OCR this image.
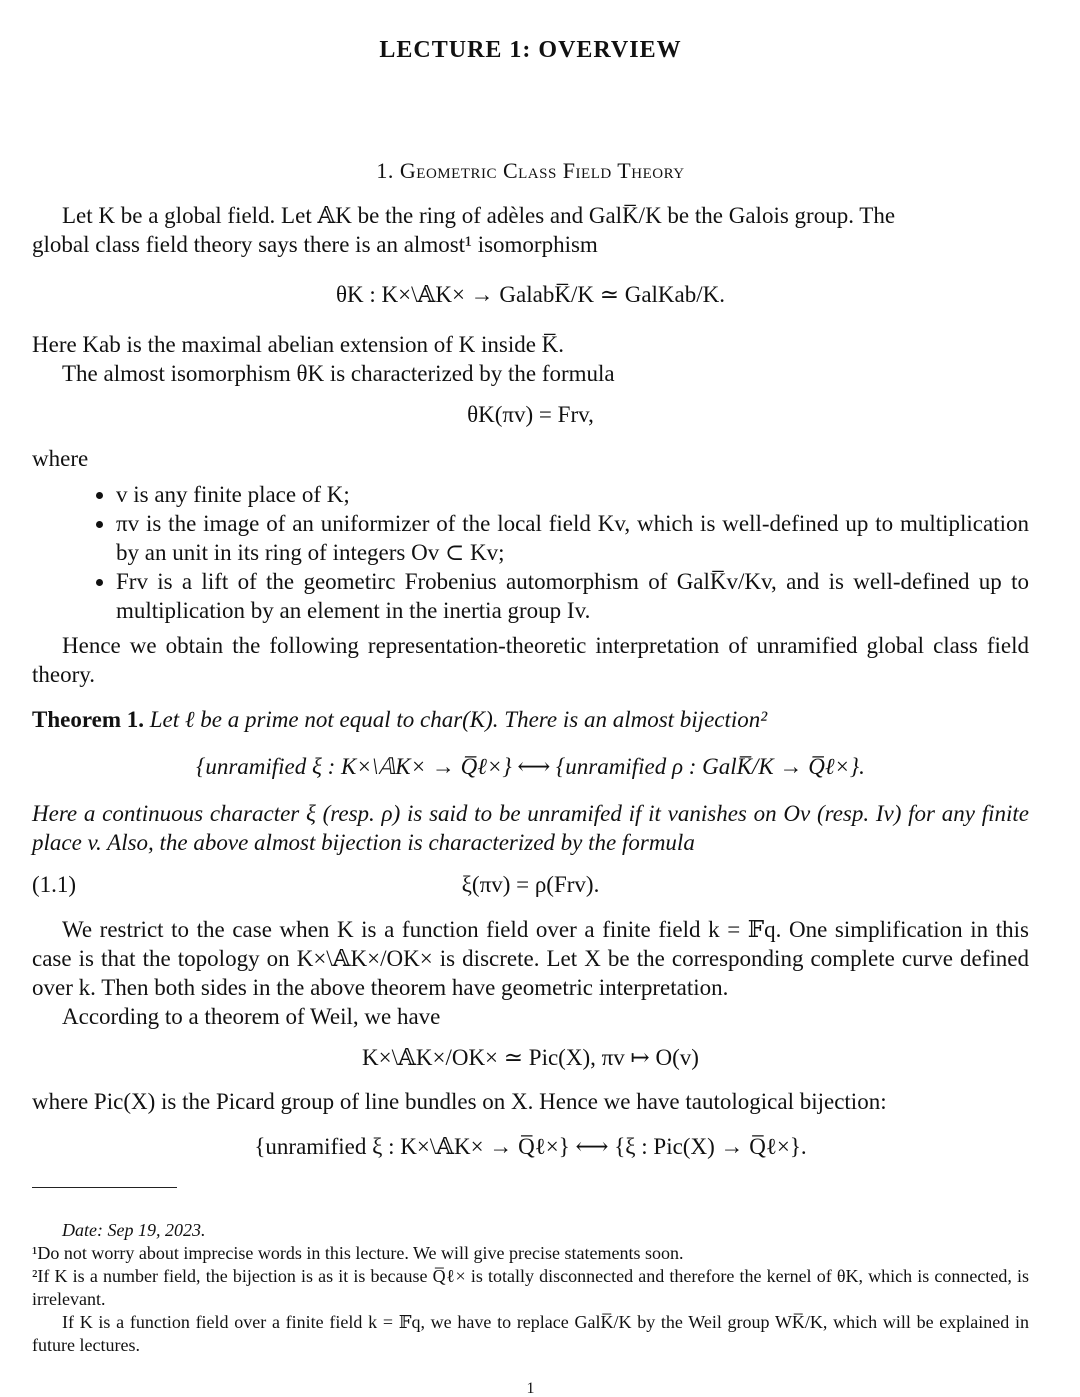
LECTURE 1: OVERVIEW
1. Geometric Class Field Theory

Let K be a global field. Let 𝔸K be the ring of adèles and GalK̅/K be the Galois group. The

global class field theory says there is an almost¹ isomorphism

θK : K×\𝔸K× → GalabK̅/K ≃ GalKab/K.

Here Kab is the maximal abelian extension of K inside K̅.

The almost isomorphism θK is characterized by the formula

θK(πv) = Frv,

where

• v is any finite place of K;
• πv is the image of an uniformizer of the local field Kv, which is well-defined up to multiplication by an unit in its ring of integers Ov ⊂ Kv;
• Frv is a lift of the geometirc Frobenius automorphism of GalK̅v/Kv, and is well-defined up to multiplication by an element in the inertia group Iv.

Hence we obtain the following representation-theoretic interpretation of unramified global class field theory.

Theorem 1. Let ℓ be a prime not equal to char(K). There is an almost bijection²

{unramified ξ : K×\𝔸K× → Q̅ℓ×} ⟷ {unramified ρ : GalK̅/K → Q̅ℓ×}.

Here a continuous character ξ (resp. ρ) is said to be unramifed if it vanishes on Ov (resp. Iv) for any finite place v. Also, the above almost bijection is characterized by the formula

(1.1)	ξ(πv) = ρ(Frv).

We restrict to the case when K is a function field over a finite field k = 𝔽q. One simplification in this case is that the topology on K×\𝔸K×/OK× is discrete. Let X be the corresponding complete curve defined over k. Then both sides in the above theorem have geometric interpretation.

According to a theorem of Weil, we have

K×\𝔸K×/OK× ≃ Pic(X), πv ↦ O(v)

where Pic(X) is the Picard group of line bundles on X. Hence we have tautological bijection:

{unramified ξ : K×\𝔸K× → Q̅ℓ×} ⟷ {ξ : Pic(X) → Q̅ℓ×}.

Date: Sep 19, 2023.

¹Do not worry about imprecise words in this lecture. We will give precise statements soon.

²If K is a number field, the bijection is as it is because Q̅ℓ× is totally disconnected and therefore the kernel of θK, which is connected, is irrelevant.

If K is a function field over a finite field k = 𝔽q, we have to replace GalK̅/K by the Weil group WK̅/K, which will be explained in future lectures.

1
